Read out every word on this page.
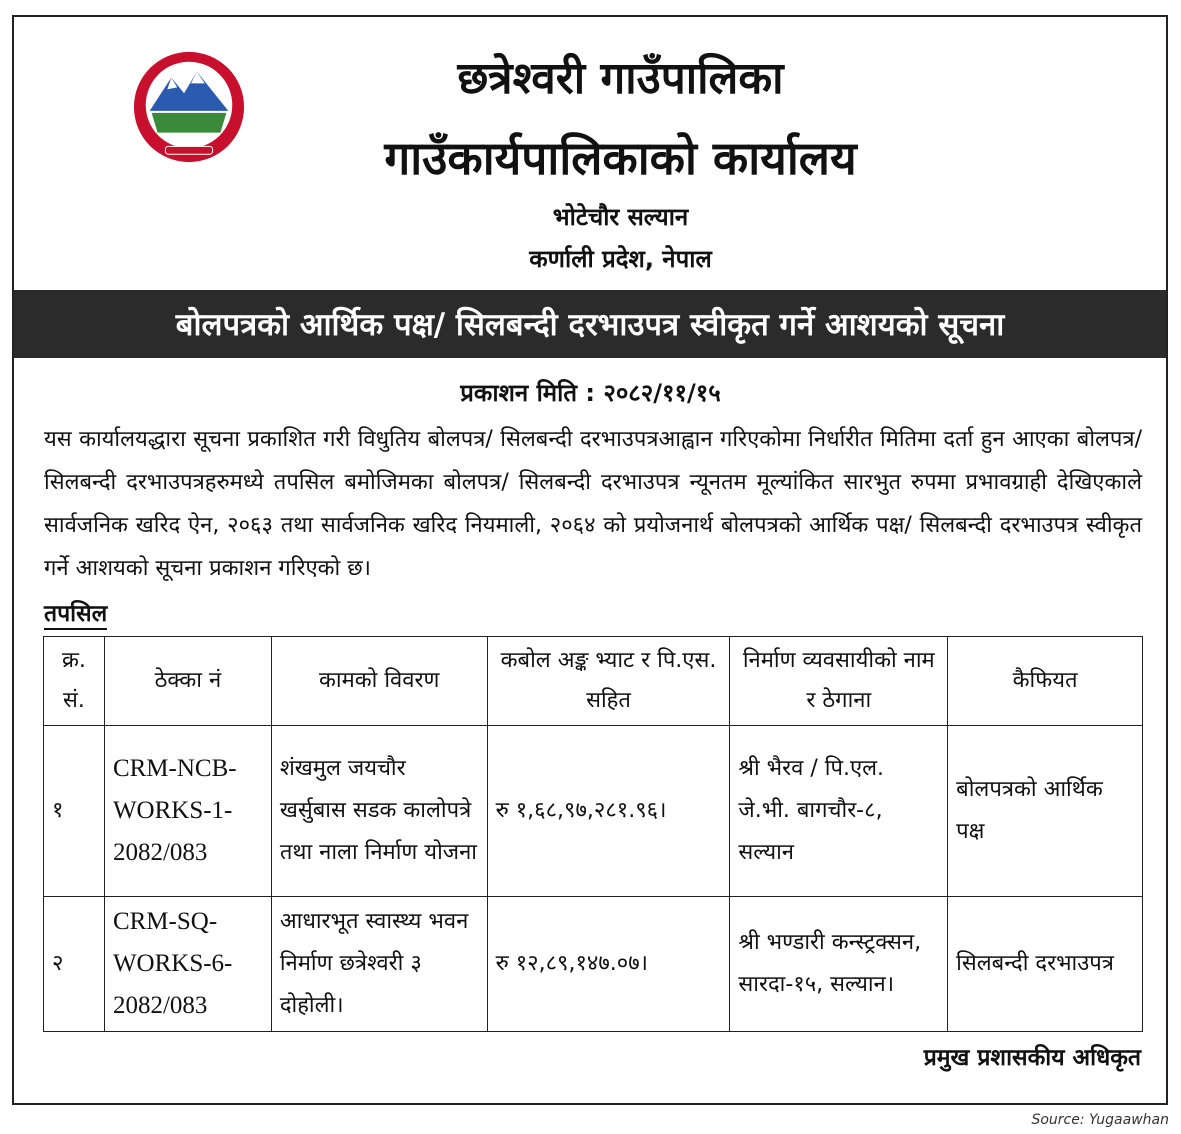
छत्रेश्वरी गाउँपालिका
गाउँकार्यपालिकाको कार्यालय
भोटेचौर सल्यान
कर्णाली प्रदेश, नेपाल
बोलपत्रको आर्थिक पक्ष/ सिलबन्दी दरभाउपत्र स्वीकृत गर्ने आशयको सूचना
प्रकाशन मिति : २०८२/११/१५
यस कार्यालयद्धारा सूचना प्रकाशित गरी विधुतिय बोलपत्र/ सिलबन्दी दरभाउपत्रआह्वान गरिएकोमा निर्धारीत मितिमा दर्ता हुन आएका बोलपत्र/ सिलबन्दी दरभाउपत्रहरुमध्ये तपसिल बमोजिमका बोलपत्र/ सिलबन्दी दरभाउपत्र न्यूनतम मूल्यांकित सारभुत रुपमा प्रभावग्राही देखिएकाले सार्वजनिक खरिद ऐन, २०६३ तथा सार्वजनिक खरिद नियमाली, २०६४ को प्रयोजनार्थ बोलपत्रको आर्थिक पक्ष/ सिलबन्दी दरभाउपत्र स्वीकृत गर्ने आशयको सूचना प्रकाशन गरिएको छ।
तपसिल
क्र. सं.	ठेक्का नं	कामको विवरण	कबोल अङ्क भ्याट र पि.एस. सहित	निर्माण व्यवसायीको नाम र ठेगाना	कैफियत
१	CRM-NCB-WORKS-1-2082/083	शंखमुल जयचौर खर्सुबास सडक कालोपत्रे तथा नाला निर्माण योजना	रु १,६८,९७,२८१.९६।	श्री भैरव / पि.एल. जे.भी. बागचौर-८, सल्यान	बोलपत्रको आर्थिक पक्ष
२	CRM-SQ-WORKS-6-2082/083	आधारभूत स्वास्थ्य भवन निर्माण छत्रेश्वरी ३ दोहोली।	रु १२,८९,१४७.०७।	श्री भण्डारी कन्स्ट्रक्सन, सारदा-१५, सल्यान।	सिलबन्दी दरभाउपत्र
प्रमुख प्रशासकीय अधिकृत
Source: Yugaawhan
